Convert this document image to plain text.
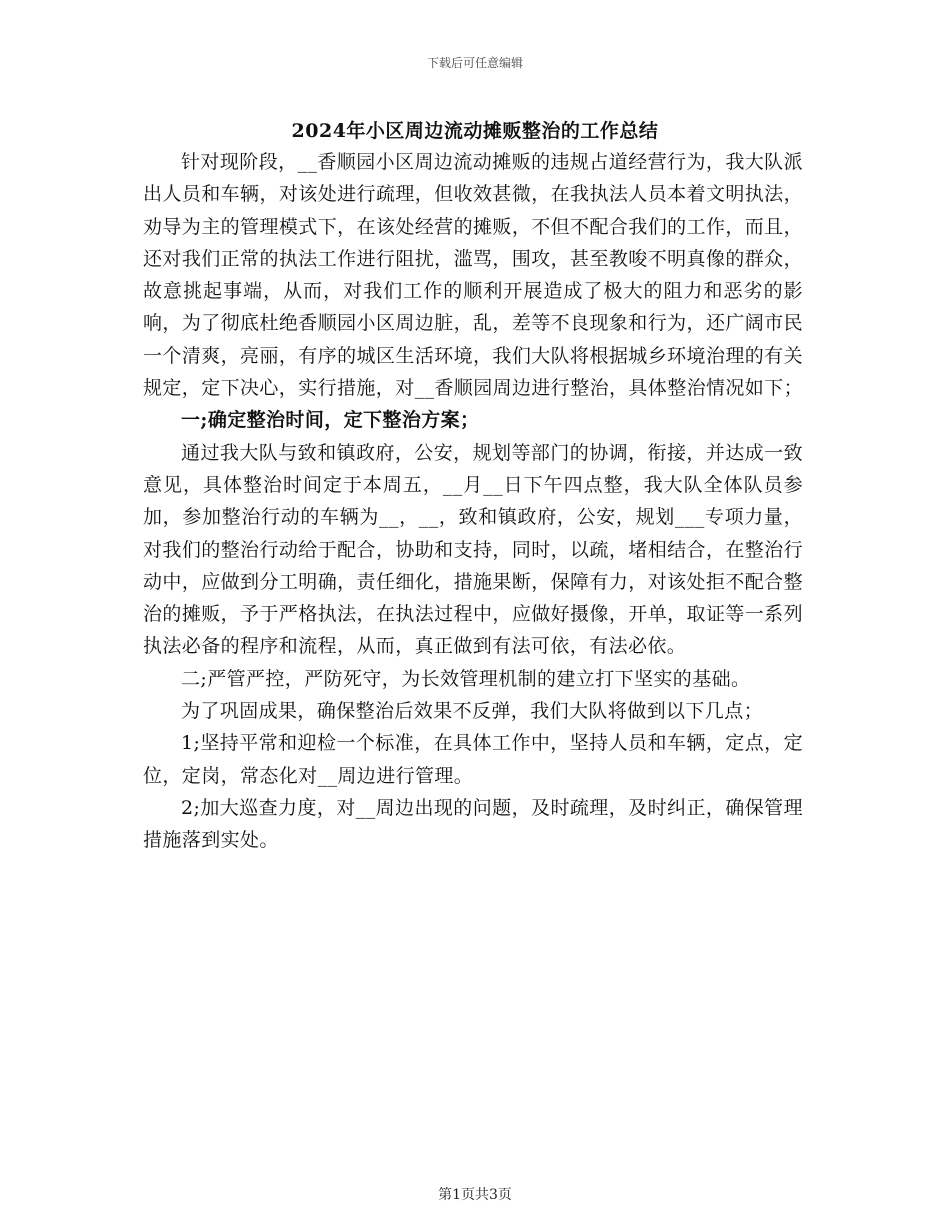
下载后可任意编辑
2024年小区周边流动摊贩整治的工作总结

针对现阶段，__香顺园小区周边流动摊贩的违规占道经营行为，我大队派出人员和车辆，对该处进行疏理，但收效甚微，在我执法人员本着文明执法，劝导为主的管理模式下，在该处经营的摊贩，不但不配合我们的工作，而且，还对我们正常的执法工作进行阻扰，滥骂，围攻，甚至教唆不明真像的群众，故意挑起事端，从而，对我们工作的顺利开展造成了极大的阻力和恶劣的影响，为了彻底杜绝香顺园小区周边脏，乱，差等不良现象和行为，还广阔市民一个清爽，亮丽，有序的城区生活环境，我们大队将根据城乡环境治理的有关规定，定下决心，实行措施，对__香顺园周边进行整治，具体整治情况如下；

一;确定整治时间，定下整治方案；

通过我大队与致和镇政府，公安，规划等部门的协调，衔接，并达成一致意见，具体整治时间定于本周五，__月__日下午四点整，我大队全体队员参加，参加整治行动的车辆为__，__，致和镇政府，公安，规划___专项力量，对我们的整治行动给于配合，协助和支持，同时，以疏，堵相结合，在整治行动中，应做到分工明确，责任细化，措施果断，保障有力，对该处拒不配合整治的摊贩，予于严格执法，在执法过程中，应做好摄像，开单，取证等一系列执法必备的程序和流程，从而，真正做到有法可依，有法必依。

二;严管严控，严防死守，为长效管理机制的建立打下坚实的基础。

为了巩固成果，确保整治后效果不反弹，我们大队将做到以下几点；

1;坚持平常和迎检一个标准，在具体工作中，坚持人员和车辆，定点，定位，定岗，常态化对__周边进行管理。

2;加大巡查力度，对__周边出现的问题，及时疏理，及时纠正，确保管理措施落到实处。

第1页共3页
